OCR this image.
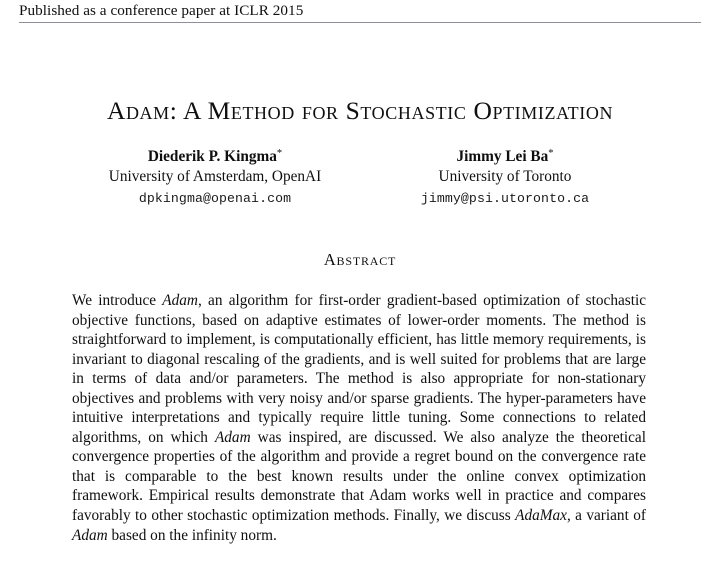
Published as a conference paper at ICLR 2015
Adam: A Method for Stochastic Optimization
Diederik P. Kingma*
University of Amsterdam, OpenAI
dpkingma@openai.com
Jimmy Lei Ba*
University of Toronto
jimmy@psi.utoronto.ca
Abstract
We introduce Adam, an algorithm for first-order gradient-based optimization of stochastic objective functions, based on adaptive estimates of lower-order moments. The method is straightforward to implement, is computationally efficient, has little memory requirements, is invariant to diagonal rescaling of the gradients, and is well suited for problems that are large in terms of data and/or parameters. The method is also appropriate for non-stationary objectives and problems with very noisy and/or sparse gradients. The hyper-parameters have intuitive interpretations and typically require little tuning. Some connections to related algorithms, on which Adam was inspired, are discussed. We also analyze the theoretical convergence properties of the algorithm and provide a regret bound on the convergence rate that is comparable to the best known results under the online convex optimization framework. Empirical results demonstrate that Adam works well in practice and compares favorably to other stochastic optimization methods. Finally, we discuss AdaMax, a variant of Adam based on the infinity norm.
